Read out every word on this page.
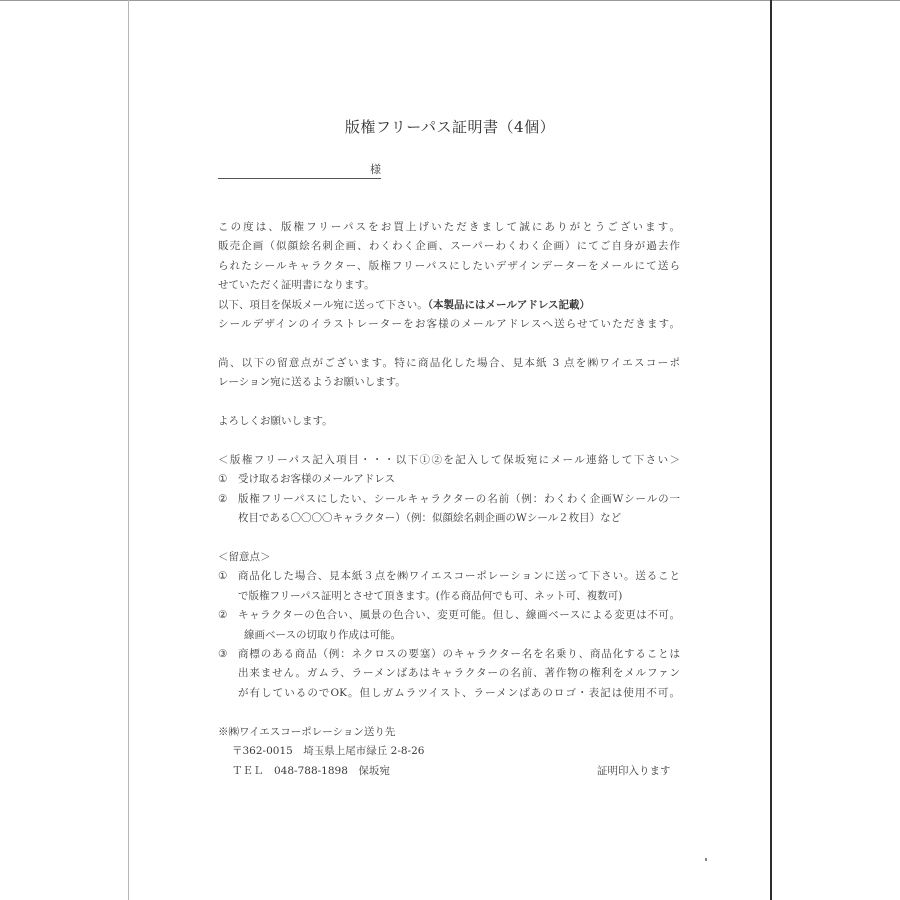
版権フリーパス証明書（4個）
様
この度は、版権フリーパスをお買上げいただきまして誠にありがとうございます。
販売企画（似顔絵名刺企画、わくわく企画、スーパーわくわく企画）にてご自身が過去作
られたシールキャラクター、版権フリーパスにしたいデザインデーターをメールにて送ら
せていただく証明書になります。
以下、項目を保坂メール宛に送って下さい。（本製品にはメールアドレス記載）
シールデザインのイラストレーターをお客様のメールアドレスへ送らせていただきます。
尚、以下の留意点がございます。特に商品化した場合、見本紙 3 点を㈱ワイエスコーポ
レーション宛に送るようお願いします。
よろしくお願いします。
＜版権フリーパス記入項目・・・以下①②を記入して保坂宛にメール連絡して下さい＞
① 受け取るお客様のメールアドレス
② 版権フリーパスにしたい、シールキャラクターの名前（例：わくわく企画Wシールの一
枚目である〇〇〇〇キャラクター）（例：似顔絵名刺企画のWシール２枚目）など
＜留意点＞
① 商品化した場合、見本紙３点を㈱ワイエスコーポレーションに送って下さい。送ること
で版権フリーパス証明とさせて頂きます。(作る商品何でも可、ネット可、複数可)
② キャラクターの色合い、風景の色合い、変更可能。但し、線画ベースによる変更は不可。
線画ベースの切取り作成は可能。
③ 商標のある商品（例：ネクロスの要塞）のキャラクター名を名乗り、商品化することは
出来ません。ガムラ、ラーメンばあはキャラクターの名前、著作物の権利をメルファン
が有しているのでOK。但しガムラツイスト、ラーメンばあのロゴ・表記は使用不可。
※㈱ワイエスコーポレーション送り先
〒362-0015　埼玉県上尾市緑丘 2-8-26
ＴＥＬ　048-788-1898　保坂宛	証明印入ります
